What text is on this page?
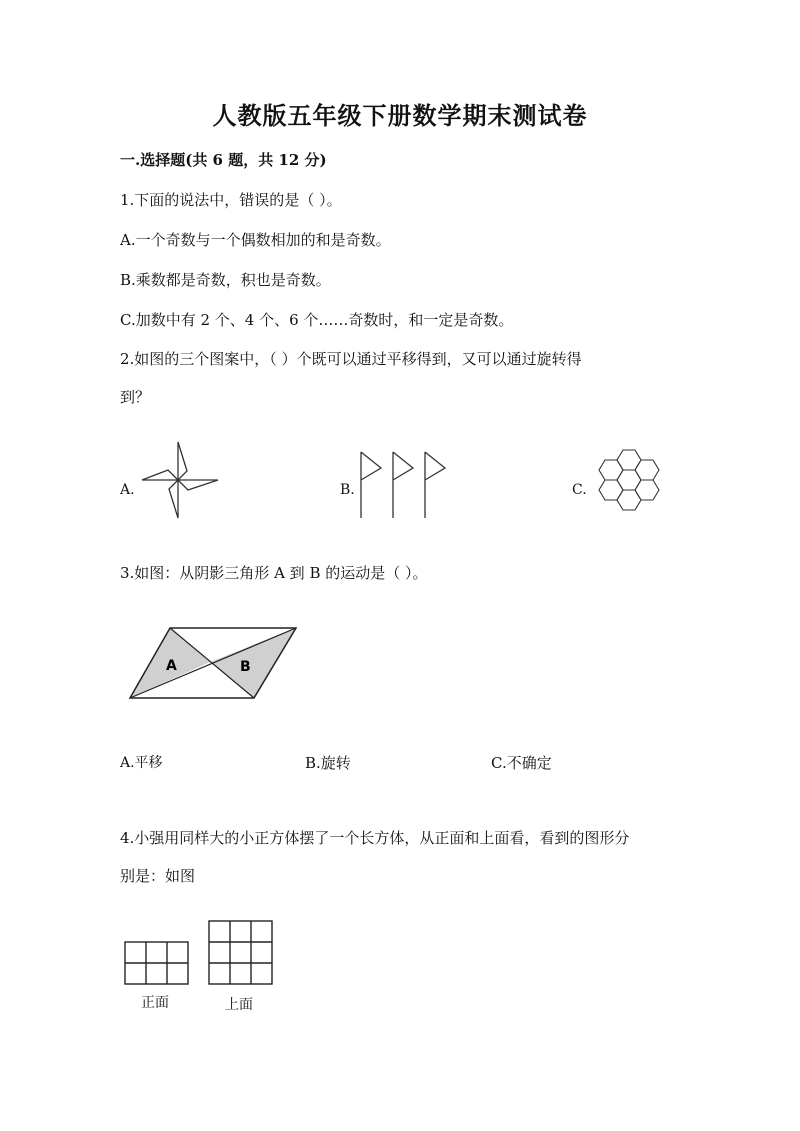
人教版五年级下册数学期末测试卷
一.选择题(共 6 题，共 12 分)
1.下面的说法中，错误的是（ ）。
A.一个奇数与一个偶数相加的和是奇数。
B.乘数都是奇数，积也是奇数。
C.加数中有 2 个、4 个、6 个……奇数时，和一定是奇数。
2.如图的三个图案中，（ ）个既可以通过平移得到，又可以通过旋转得
到？
A.	B.	C.
3.如图：从阴影三角形 A 到 B 的运动是（ ）。
A	B
A.平移	B.旋转	C.不确定
4.小强用同样大的小正方体摆了一个长方体，从正面和上面看，看到的图形分
别是：如图
正面	上面
